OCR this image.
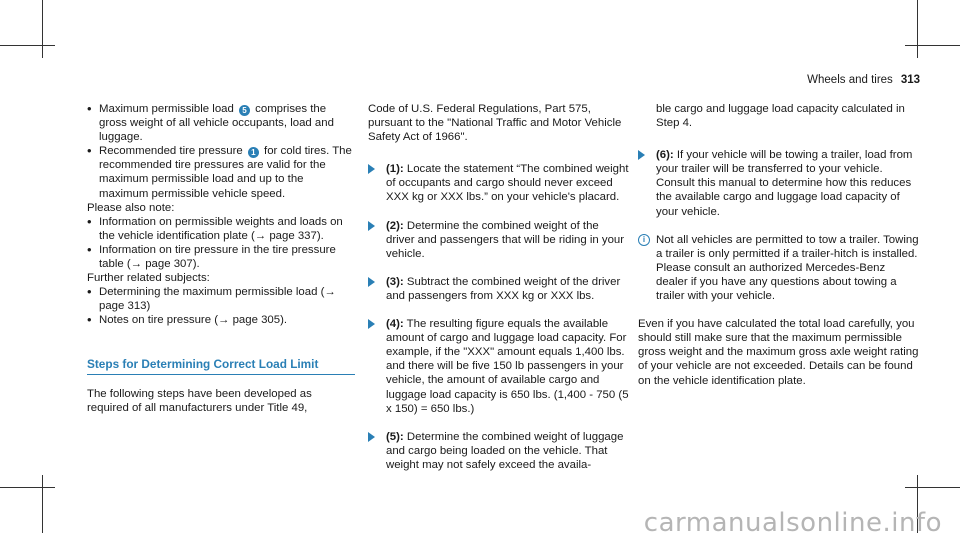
Wheels and tires 313
• Maximum permissible load 5 comprises the gross weight of all vehicle occupants, load and luggage.
• Recommended tire pressure 1 for cold tires. The recommended tire pressures are valid for the maximum permissible load and up to the maximum permissible vehicle speed.

Please also note:

• Information on permissible weights and loads on the vehicle identification plate (→ page 337).
• Information on tire pressure in the tire pressure table (→ page 307).

Further related subjects:

• Determining the maximum permissible load (→ page 313)
• Notes on tire pressure (→ page 305).
Steps for Determining Correct Load Limit

The following steps have been developed as required of all manufacturers under Title 49,

Code of U.S. Federal Regulations, Part 575, pursuant to the "National Traffic and Motor Vehicle Safety Act of 1966".

(1): Locate the statement “The combined weight of occupants and cargo should never exceed XXX kg or XXX lbs.” on your vehicle's placard.
(2): Determine the combined weight of the driver and passengers that will be riding in your vehicle.
(3): Subtract the combined weight of the driver and passengers from XXX kg or XXX lbs.
(4): The resulting figure equals the available amount of cargo and luggage load capacity. For example, if the "XXX" amount equals 1,400 lbs. and there will be five 150 lb passengers in your vehicle, the amount of available cargo and luggage load capacity is 650 lbs. (1,400 - 750 (5 x 150) = 650 lbs.)
(5): Determine the combined weight of luggage and cargo being loaded on the vehicle. That weight may not safely exceed the availa-
ble cargo and luggage load capacity calculated in Step 4.
(6): If your vehicle will be towing a trailer, load from your trailer will be transferred to your vehicle. Consult this manual to determine how this reduces the available cargo and luggage load capacity of your vehicle.
i Not all vehicles are permitted to tow a trailer. Towing a trailer is only permitted if a trailer-hitch is installed. Please consult an authorized Mercedes-Benz dealer if you have any questions about towing a trailer with your vehicle.

Even if you have calculated the total load carefully, you should still make sure that the maximum permissible gross weight and the maximum gross axle weight rating of your vehicle are not exceeded. Details can be found on the vehicle identification plate.

carmanualsonline.info
